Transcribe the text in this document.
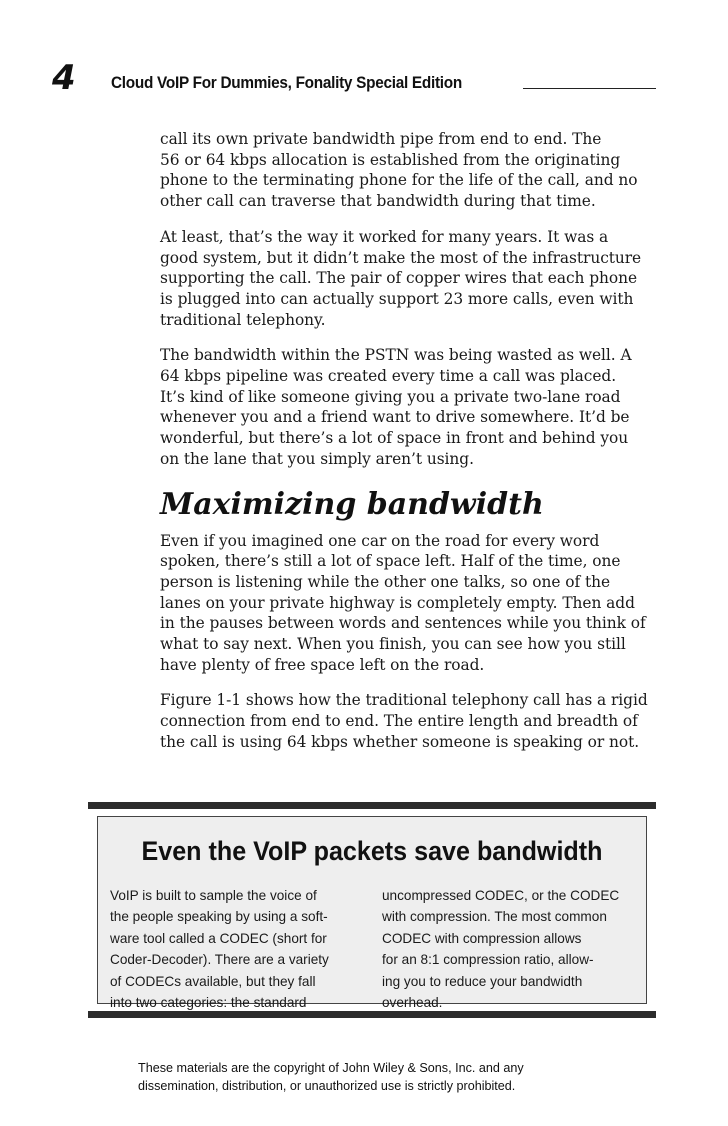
4 Cloud VoIP For Dummies, Fonality Special Edition

call its own private bandwidth pipe from end to end. The
56 or 64 kbps allocation is established from the originating
phone to the terminating phone for the life of the call, and no
other call can traverse that bandwidth during that time.

At least, that’s the way it worked for many years. It was a
good system, but it didn’t make the most of the infrastructure
supporting the call. The pair of copper wires that each phone
is plugged into can actually support 23 more calls, even with
traditional telephony.

The bandwidth within the PSTN was being wasted as well. A
64 kbps pipeline was created every time a call was placed.
It’s kind of like someone giving you a private two-lane road
whenever you and a friend want to drive somewhere. It’d be
wonderful, but there’s a lot of space in front and behind you
on the lane that you simply aren’t using.

Maximizing bandwidth

Even if you imagined one car on the road for every word
spoken, there’s still a lot of space left. Half of the time, one
person is listening while the other one talks, so one of the
lanes on your private highway is completely empty. Then add
in the pauses between words and sentences while you think of
what to say next. When you finish, you can see how you still
have plenty of free space left on the road.

Figure 1-1 shows how the traditional telephony call has a rigid
connection from end to end. The entire length and breadth of
the call is using 64 kbps whether someone is speaking or not.

Even the VoIP packets save bandwidth
VoIP is built to sample the voice of
the people speaking by using a soft-
ware tool called a CODEC (short for
Coder-Decoder). There are a variety
of CODECs available, but they fall
into two categories: the standard
uncompressed CODEC, or the CODEC
with compression. The most common
CODEC with compression allows
for an 8:1 compression ratio, allow-
ing you to reduce your bandwidth
overhead.
These materials are the copyright of John Wiley & Sons, Inc. and any
dissemination, distribution, or unauthorized use is strictly prohibited.
